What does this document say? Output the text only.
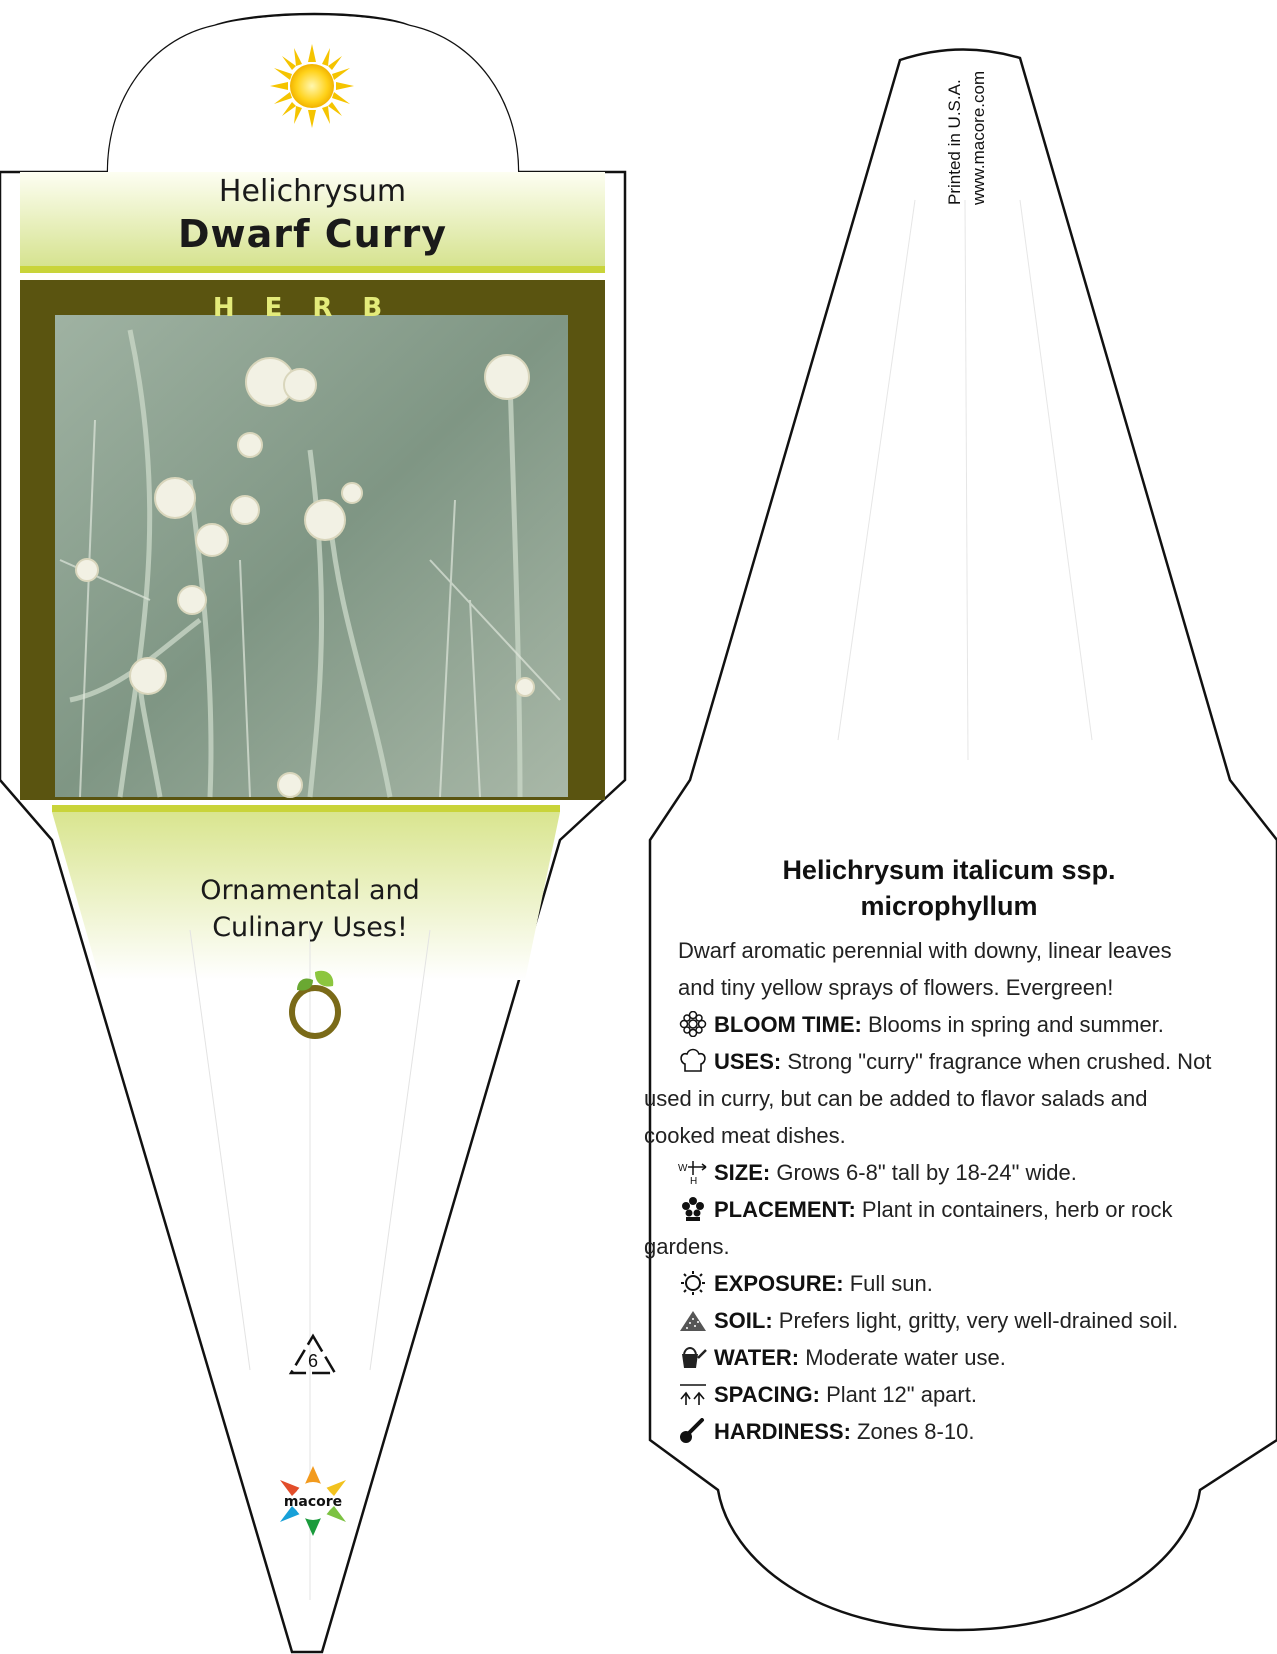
Helichrysum
Dwarf Curry
HERB
Ornamental and
Culinary Uses!
6
macore
Printed in U.S.A. www.macore.com
Helichrysum italicum ssp.
microphyllum
Dwarf aromatic perennial with downy, linear leaves
and tiny yellow sprays of flowers. Evergreen!
BLOOM TIME: Blooms in spring and summer.
USES: Strong "curry" fragrance when crushed. Not
used in curry, but can be added to flavor salads and
cooked meat dishes.
W
H SIZE: Grows 6-8" tall by 18-24" wide.
PLACEMENT: Plant in containers, herb or rock
gardens.
EXPOSURE: Full sun.
SOIL: Prefers light, gritty, very well-drained soil.
WATER: Moderate water use.
SPACING: Plant 12" apart.
HARDINESS: Zones 8-10.
